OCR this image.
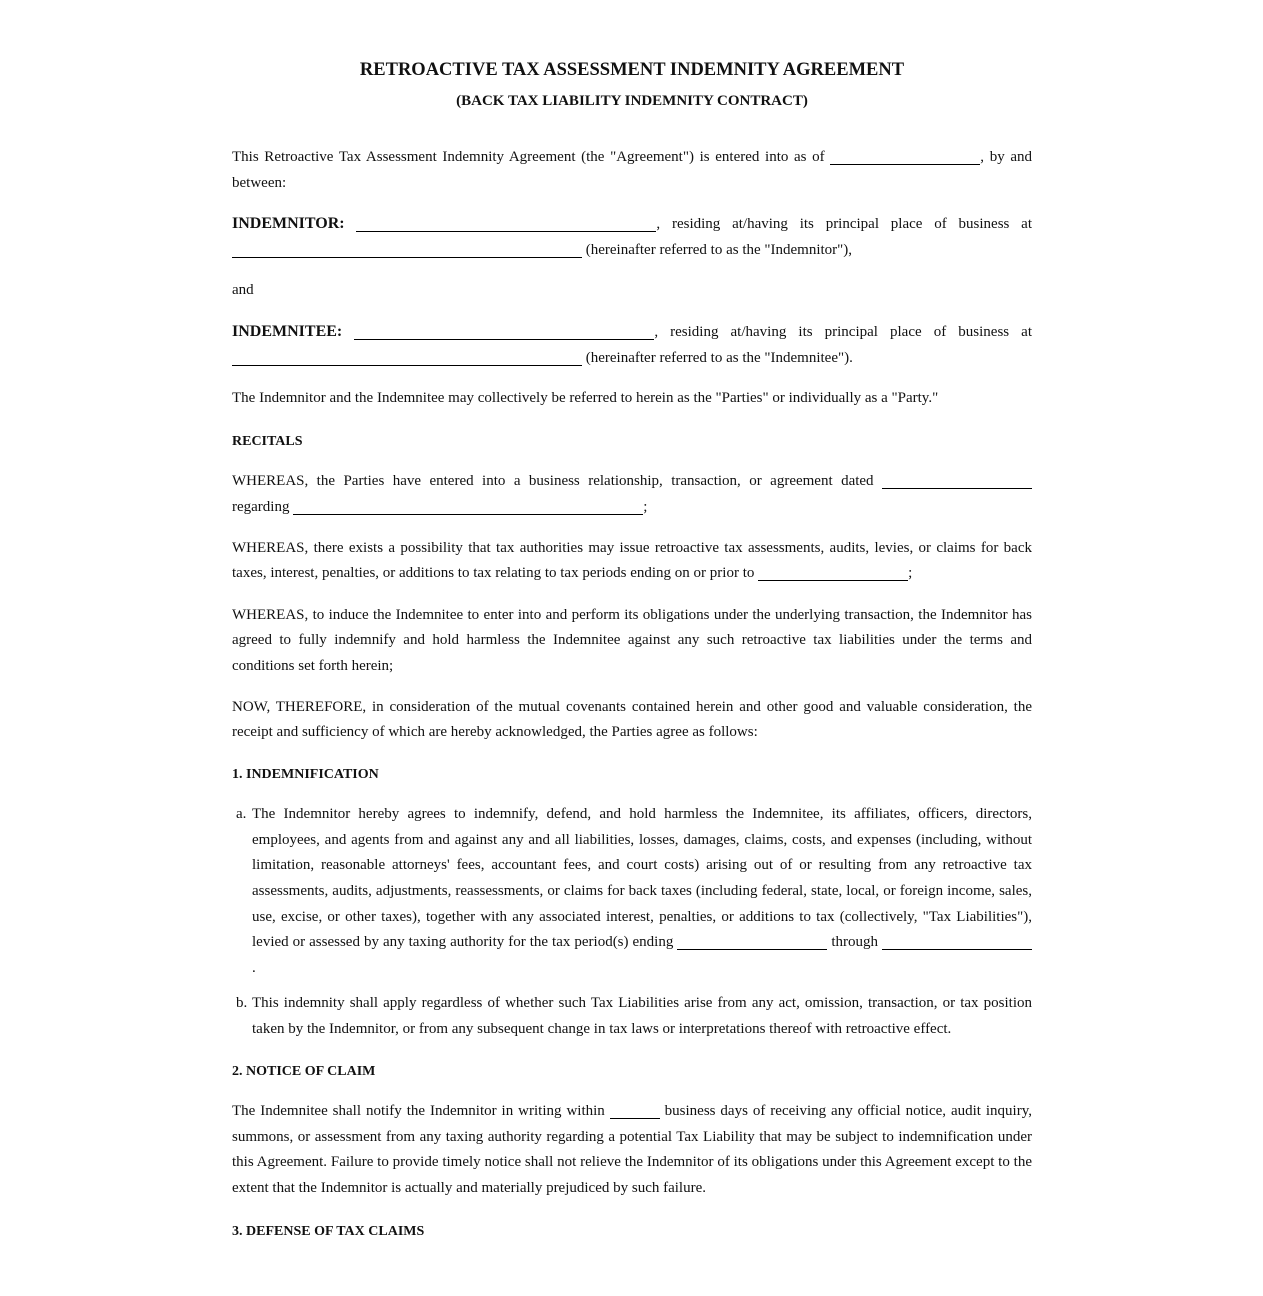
RETROACTIVE TAX ASSESSMENT INDEMNITY AGREEMENT
(BACK TAX LIABILITY INDEMNITY CONTRACT)

This Retroactive Tax Assessment Indemnity Agreement (the "Agreement") is entered into as of	, by and between:

INDEMNITOR:	, residing at/having its principal place of business at  (hereinafter referred to as the "Indemnitor"),

and

INDEMNITEE:	, residing at/having its principal place of business at  (hereinafter referred to as the "Indemnitee").

The Indemnitor and the Indemnitee may collectively be referred to herein as the "Parties" or individually as a "Party."

RECITALS

WHEREAS, the Parties have entered into a business relationship, transaction, or agreement dated  regarding	;

WHEREAS, there exists a possibility that tax authorities may issue retroactive tax assessments, audits, levies, or claims for back taxes, interest, penalties, or additions to tax relating to tax periods ending on or prior to	;

WHEREAS, to induce the Indemnitee to enter into and perform its obligations under the underlying transaction, the Indemnitor has agreed to fully indemnify and hold harmless the Indemnitee against any such retroactive tax liabilities under the terms and conditions set forth herein;

NOW, THEREFORE, in consideration of the mutual covenants contained herein and other good and valuable consideration, the receipt and sufficiency of which are hereby acknowledged, the Parties agree as follows:

1. INDEMNIFICATION

a. The Indemnitor hereby agrees to indemnify, defend, and hold harmless the Indemnitee, its affiliates, officers, directors, employees, and agents from and against any and all liabilities, losses, damages, claims, costs, and expenses (including, without limitation, reasonable attorneys' fees, accountant fees, and court costs) arising out of or resulting from any retroactive tax assessments, audits, adjustments, reassessments, or claims for back taxes (including federal, state, local, or foreign income, sales, use, excise, or other taxes), together with any associated interest, penalties, or additions to tax (collectively, "Tax Liabilities"), levied or assessed by any taxing authority for the tax period(s) ending	through .
b. This indemnity shall apply regardless of whether such Tax Liabilities arise from any act, omission, transaction, or tax position taken by the Indemnitor, or from any subsequent change in tax laws or interpretations thereof with retroactive effect.

2. NOTICE OF CLAIM

The Indemnitee shall notify the Indemnitor in writing within	business days of receiving any official notice, audit inquiry, summons, or assessment from any taxing authority regarding a potential Tax Liability that may be subject to indemnification under this Agreement. Failure to provide timely notice shall not relieve the Indemnitor of its obligations under this Agreement except to the extent that the Indemnitor is actually and materially prejudiced by such failure.

3. DEFENSE OF TAX CLAIMS
